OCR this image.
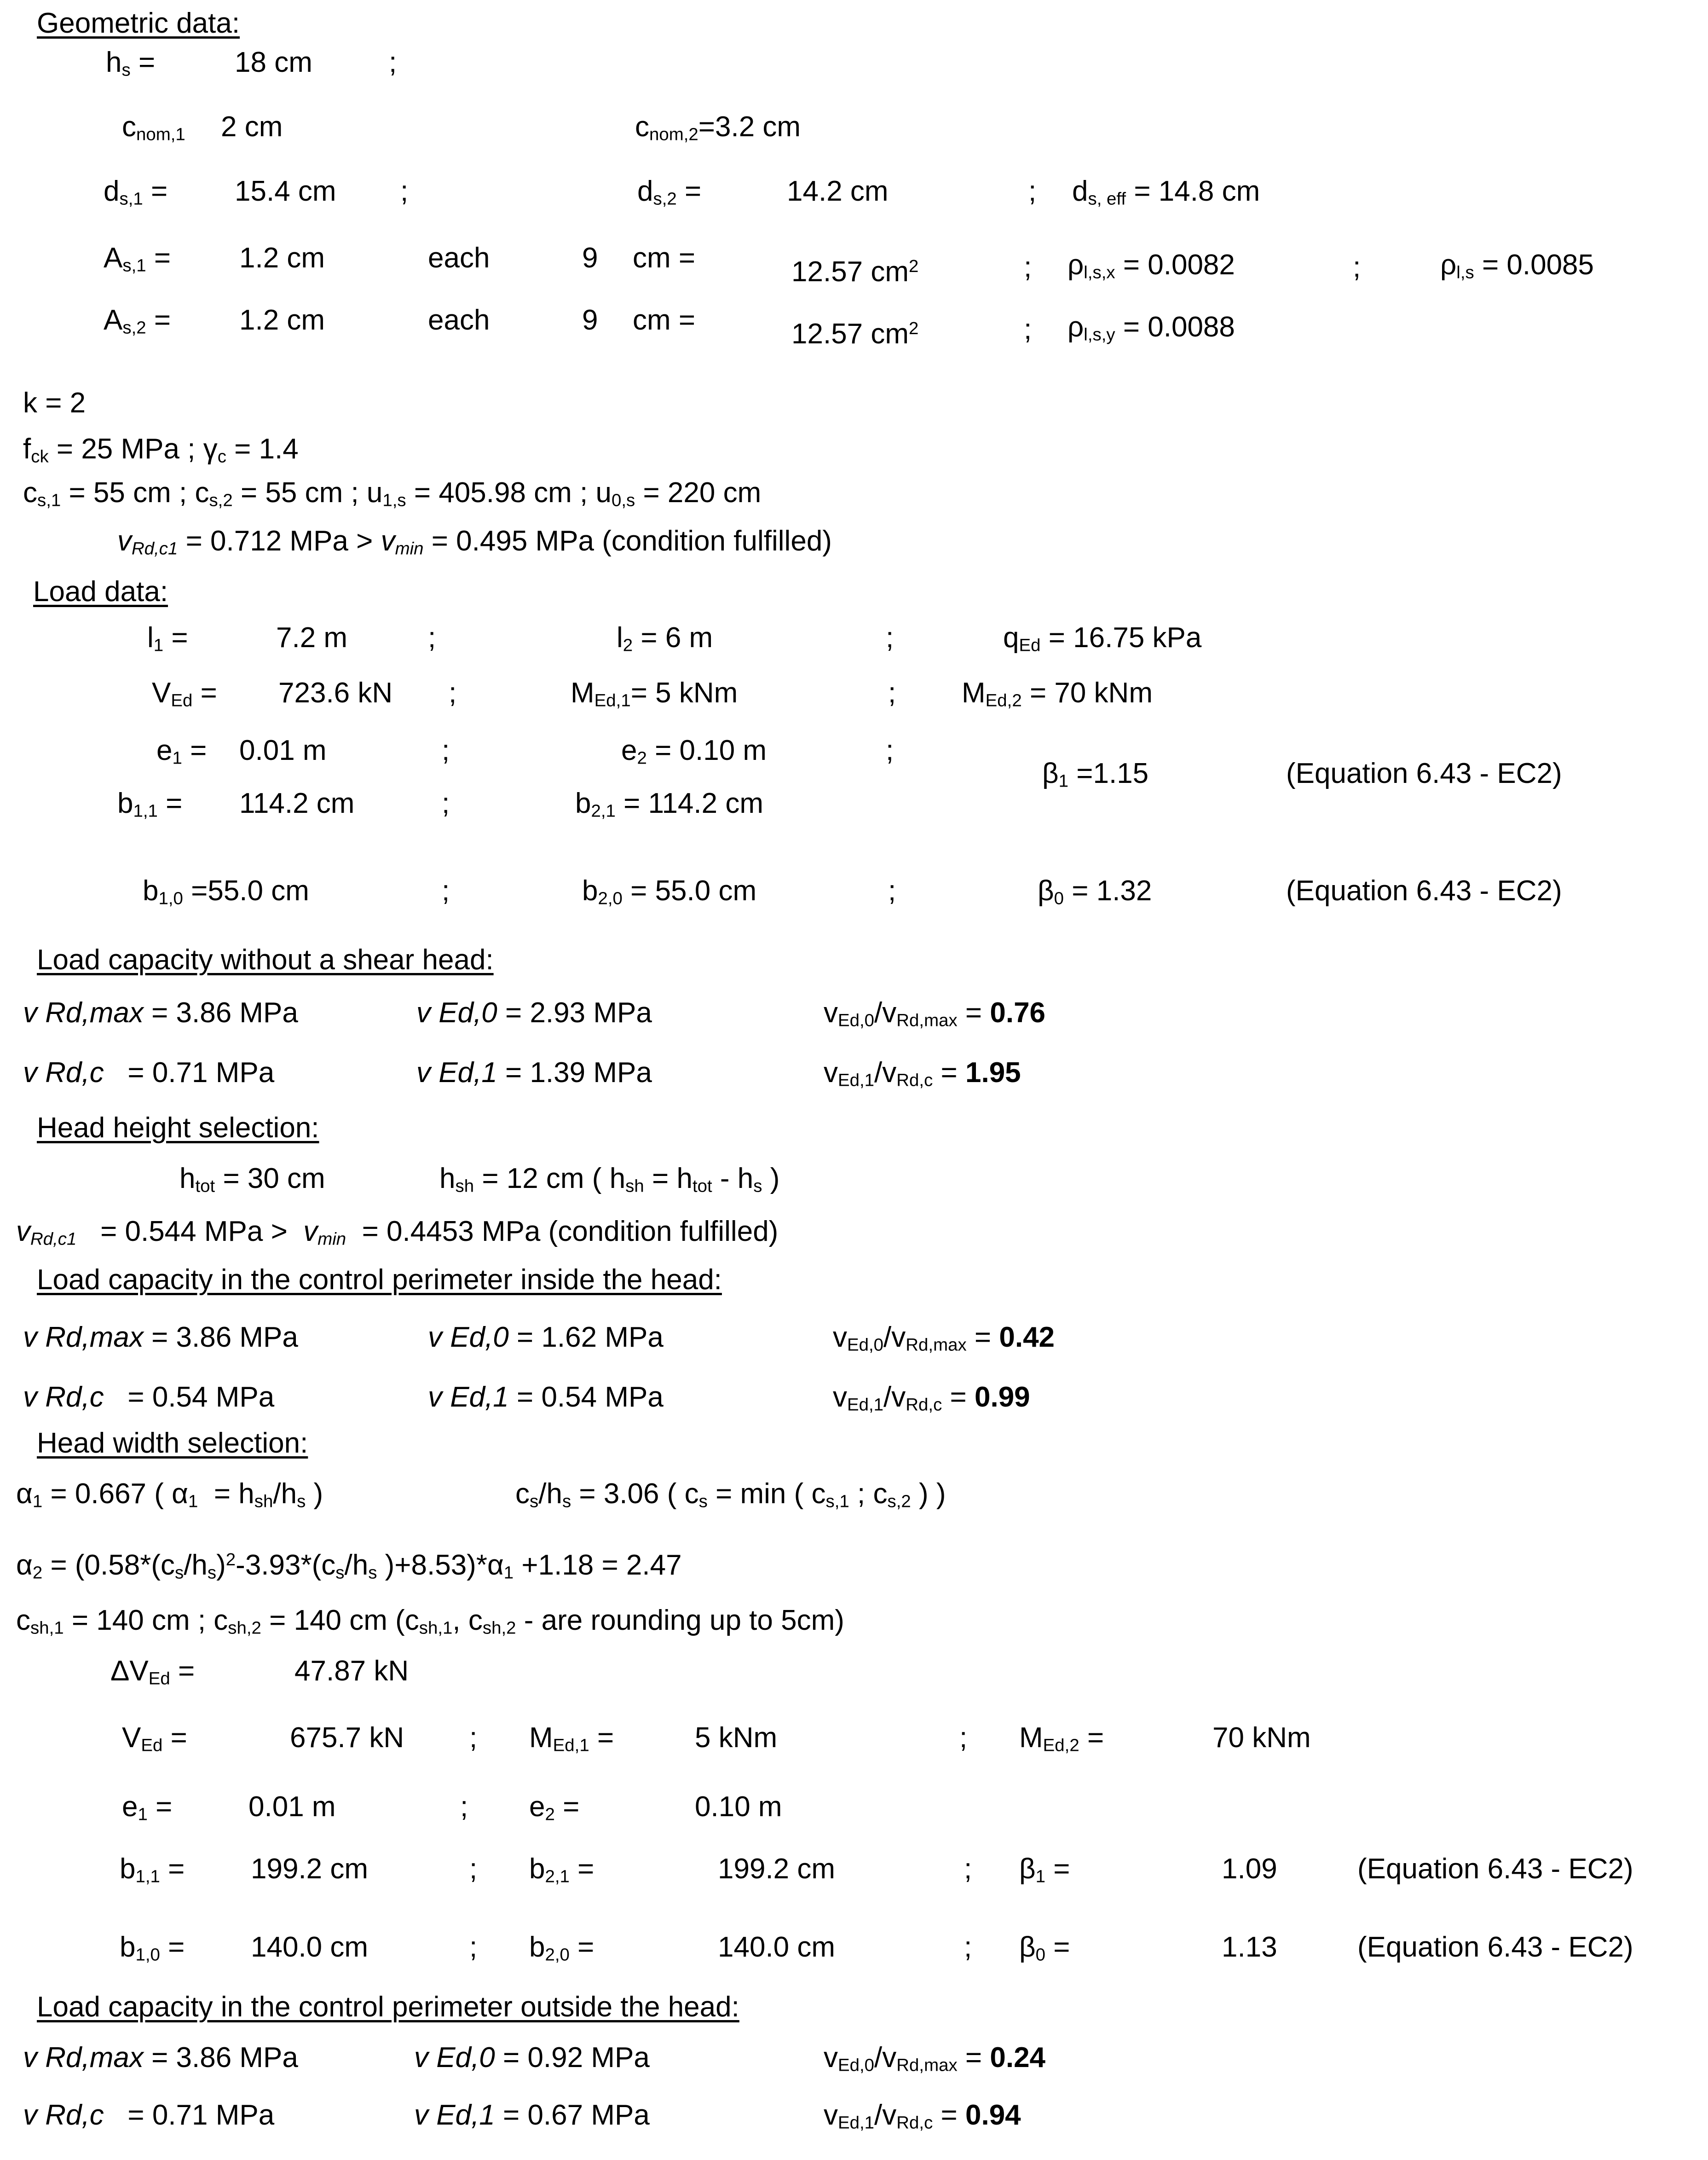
Geometric data:
$h_s$ =	18 cm	;
$c_{nom,1}$ 2 cm	$c_{nom,2}=3.2$ cm
$d_{s,1} = 15.4$ cm ;	$d_{s,2}$ =	14.2 cm	; $d_{s, eff} = 14.8$ cm
$A_{s,1} = 1.2$ cm	each	9 cm =	12.57 $cm^2$	; $\rho_{l,s,x} = 0.0082$	;	$\rho_{l,s} = 0.0085$
$A_{s,2} = 1.2$ cm	each	9 cm =	12.57 $cm^2$	; $\rho_{l,s,y} = 0.0088$
k = 2
$f_{ck} = 25$ MPa ; $\gamma_c = 1.4$
$c_{s,1} = 55$ cm ; $c_{s,2} = 55$ cm ; $u_{1,s} = 405.98$ cm ; $u_{0,s} = 220$ cm
$v_{Rd,c1} = 0.712$ MPa > $v_{min} = 0.495$ MPa (condition fulfilled)
Load data:
$l_1$ =	7.2 m	;	$l_2 = 6$ m	;	$q_{Ed} = 16.75$ kPa
$V_{Ed} = 723.6$ kN ;	$M_{Ed,1}= 5$ kNm	; $M_{Ed,2} = 70$ kNm
$e_1 = 0.01$ m	;	$e_2 = 0.10$ m	;
$b_{1,1} = 114.2$ cm	;	$b_{2,1} = 114.2$ cm
$\beta_1 =1.15$	(Equation 6.43 - EC2)
$b_{1,0} =55.0$ cm	;	$b_{2,0} = 55.0$ cm	;	$\beta_0 = 1.32$	(Equation 6.43 - EC2)
Load capacity without a shear head:
v Rd,max = 3.86 MPa	v Ed,0 = 2.93 MPa	$v_{Ed,0}/v_{Rd,max} = 0.76$
v Rd,c = 0.71 MPa	v Ed,1 = 1.39 MPa	$v_{Ed,1}/v_{Rd,c} = 1.95$
Head height selection:
$h_{tot} = 30$ cm	$h_{sh} = 12$ cm ( $h_{sh} = h_{tot} - h_s$ )
$v_{Rd,c1} = 0.544$ MPa > $v_{min} = 0.4453$ MPa (condition fulfilled)
Load capacity in the control perimeter inside the head:
v Rd,max = 3.86 MPa	v Ed,0 = 1.62 MPa	$v_{Ed,0}/v_{Rd,max} = 0.42$
v Rd,c = 0.54 MPa	v Ed,1 = 0.54 MPa	$v_{Ed,1}/v_{Rd,c} = 0.99$
Head width selection:
$\alpha_1 = 0.667$ ( $\alpha_1 = h_{sh}/h_s$ )	$c_s/h_s = 3.06$ ( $c_s = \min$ ( $c_{s,1}$ ; $c_{s,2}$ ) )
$\alpha_2 = (0.58*(c_s/h_s)^2-3.93*(c_s/h_s$ )$+8.53)*\alpha_1 +1.18 = 2.47$
$c_{sh,1} = 140$ cm ; $c_{sh,2} = 140$ cm ($c_{sh,1}$, $c_{sh,2}$ - are rounding up to 5cm)
$\Delta V_{Ed}$ =	47.87 kN
$V_{Ed}$ =	675.7 kN ; $M_{Ed,1}$ =	5 kNm	; $M_{Ed,2}$ =	70 kNm
$e_1$ =	0.01 m	; $e_2$ =	0.10 m
$b_{1,1} = 199.2$ cm	; $b_{2,1}$ =	199.2 cm	; $\beta_1$ =	1.09	(Equation 6.43 - EC2)
$b_{1,0} = 140.0$ cm	; $b_{2,0}$ =	140.0 cm	; $\beta_0$ =	1.13	(Equation 6.43 - EC2)
Load capacity in the control perimeter outside the head:
v Rd,max = 3.86 MPa	v Ed,0 = 0.92 MPa	$v_{Ed,0}/v_{Rd,max} = 0.24$
v Rd,c = 0.71 MPa	v Ed,1 = 0.67 MPa	$v_{Ed,1}/v_{Rd,c} = 0.94$
